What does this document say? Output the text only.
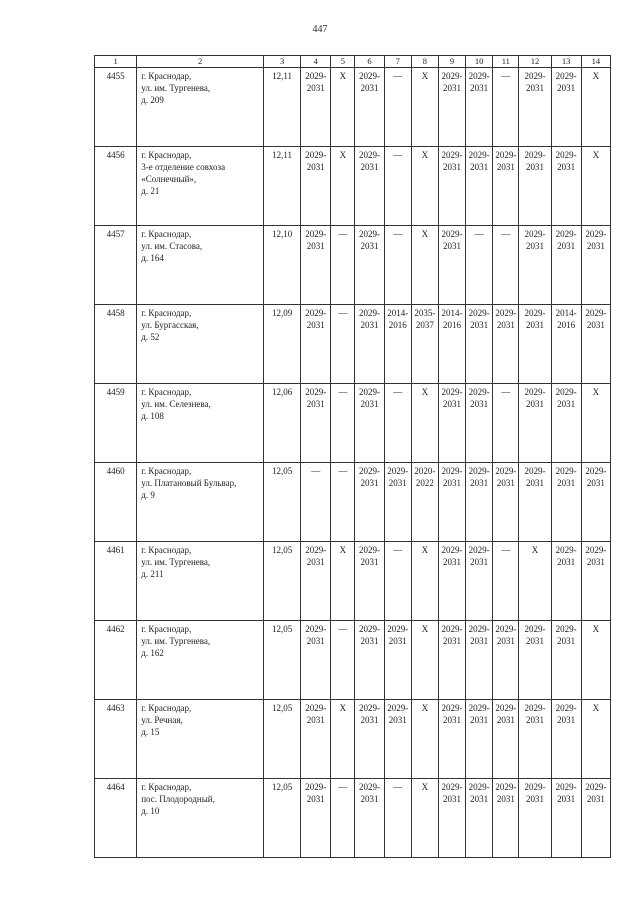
447
1	2	3	4	5	6	7	8	9	10	11	12	13	14
4455	г. Краснодар,
ул. им. Тургенева,
д. 209	12,11	2029-
2031	X	2029-
2031	—	X	2029-
2031	2029-
2031	—	2029-
2031	2029-
2031	X

4456	г. Краснодар,
3-е отделение совхоза
«Солнечный»,
д. 21	12,11	2029-
2031	X	2029-
2031	—	X	2029-
2031	2029-
2031	2029-
2031	2029-
2031	2029-
2031	X

4457	г. Краснодар,
ул. им. Стасова,
д. 164	12,10	2029-
2031	—	2029-
2031	—	X	2029-
2031	—	—	2029-
2031	2029-
2031	2029-
2031

4458	г. Краснодар,
ул. Бургасская,
д. 52	12,09	2029-
2031	—	2029-
2031	2014-
2016	2035-
2037	2014-
2016	2029-
2031	2029-
2031	2029-
2031	2014-
2016	2029-
2031

4459	г. Краснодар,
ул. им. Селезнева,
д. 108	12,06	2029-
2031	—	2029-
2031	—	X	2029-
2031	2029-
2031	—	2029-
2031	2029-
2031	X

4460	г. Краснодар,
ул. Платановый Бульвар,
д. 9	12,05	—	—	2029-
2031	2029-
2031	2020-
2022	2029-
2031	2029-
2031	2029-
2031	2029-
2031	2029-
2031	2029-
2031

4461	г. Краснодар,
ул. им. Тургенева,
д. 211	12,05	2029-
2031	X	2029-
2031	—	X	2029-
2031	2029-
2031	—	X	2029-
2031	2029-
2031

4462	г. Краснодар,
ул. им. Тургенева,
д. 162	12,05	2029-
2031	—	2029-
2031	2029-
2031	X	2029-
2031	2029-
2031	2029-
2031	2029-
2031	2029-
2031	X

4463	г. Краснодар,
ул. Речная,
д. 15	12,05	2029-
2031	X	2029-
2031	2029-
2031	X	2029-
2031	2029-
2031	2029-
2031	2029-
2031	2029-
2031	X

4464	г. Краснодар,
пос. Плодородный,
д. 10	12,05	2029-
2031	—	2029-
2031	—	X	2029-
2031	2029-
2031	2029-
2031	2029-
2031	2029-
2031	2029-
2031
